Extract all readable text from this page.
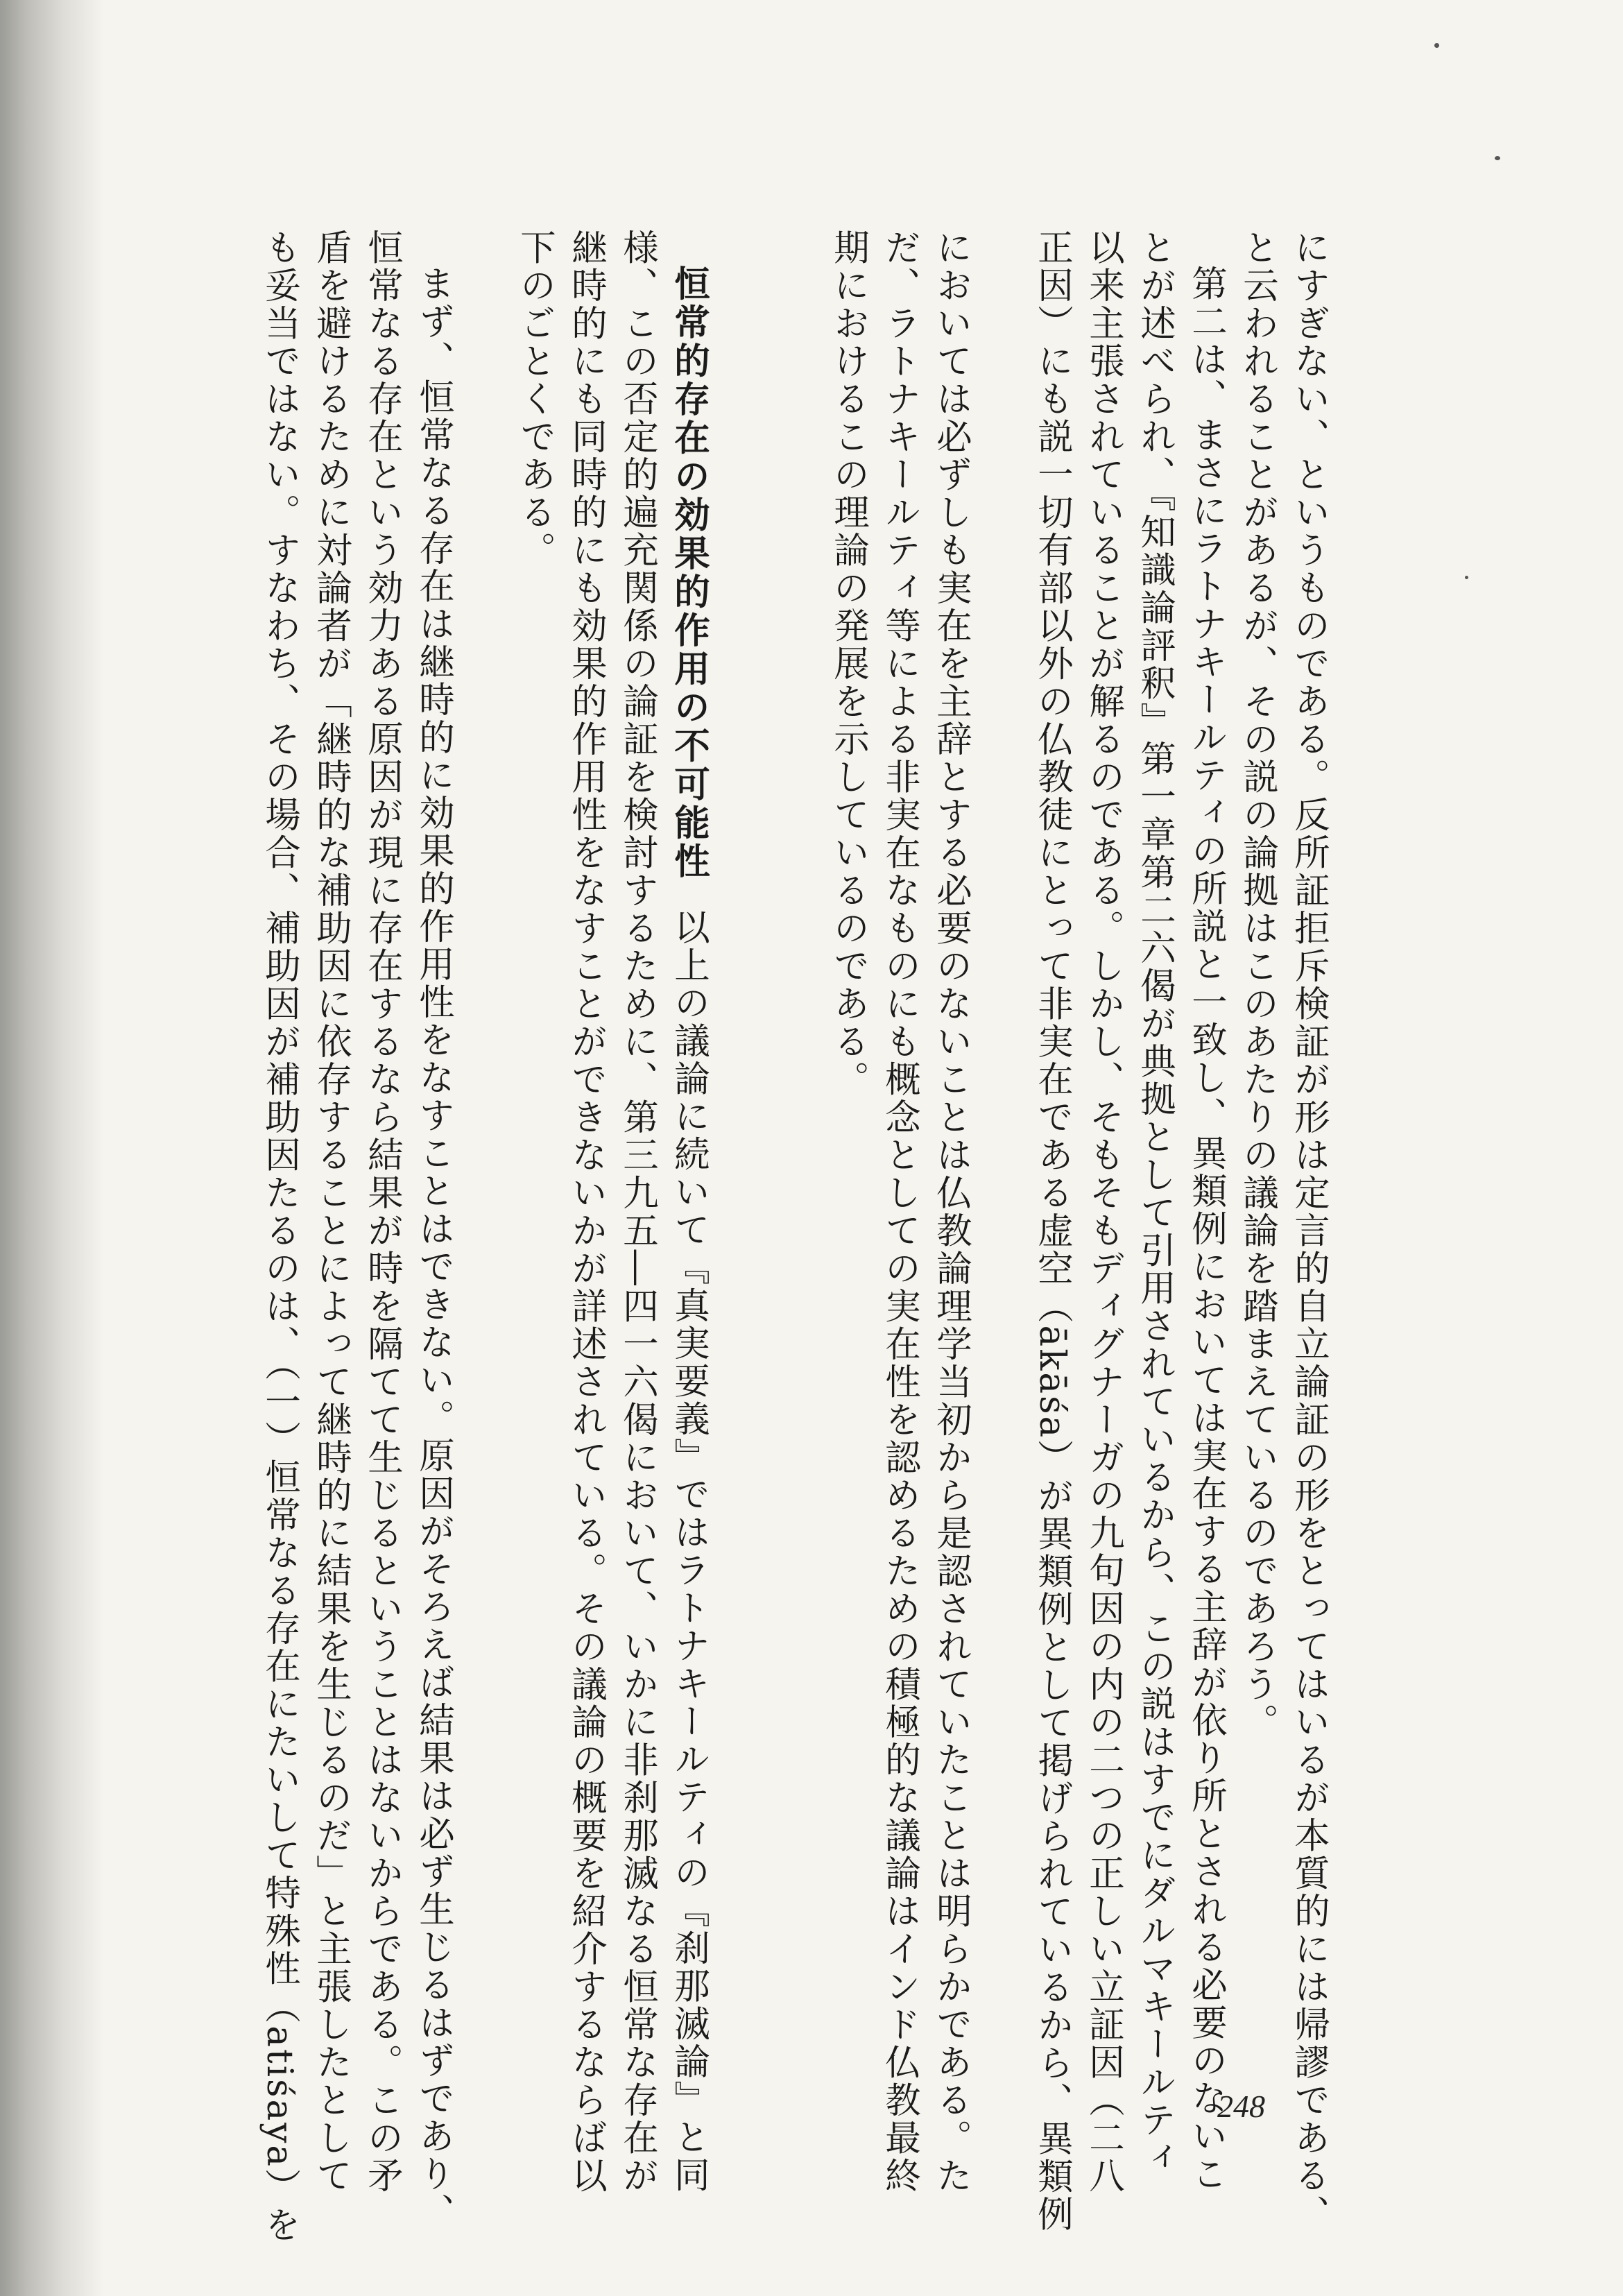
にすぎない、というものである。反所証拒斥検証が形は定言的自立論証の形をとってはいるが本質的には帰謬である、
と云われることがあるが、その説の論拠はこのあたりの議論を踏まえているのであろう。
第二は、まさにラトナキールティの所説と一致し、異類例においては実在する主辞が依り所とされる必要のないこ
とが述べられ、『知識論評釈』第一章第二六偈が典拠として引用されているから、この説はすでにダルマキールティ
以来主張されていることが解るのである。しかし、そもそもディグナーガの九句因の内の二つの正しい立証因（二八
正因）にも説一切有部以外の仏教徒にとって非実在である虚空（ākāśa）が異類例として掲げられているから、異類例
においては必ずしも実在を主辞とする必要のないことは仏教論理学当初から是認されていたことは明らかである。た
だ、ラトナキールティ等による非実在なものにも概念としての実在性を認めるための積極的な議論はインド仏教最終
期におけるこの理論の発展を示しているのである。
恒常的存在の効果的作用の不可能性以上の議論に続いて『真実要義』ではラトナキールティの『刹那滅論』と同
様、この否定的遍充関係の論証を検討するために、第三九五―四一六偈において、いかに非刹那滅なる恒常な存在が
継時的にも同時的にも効果的作用性をなすことができないかが詳述されている。その議論の概要を紹介するならば以
下のごとくである。
まず、恒常なる存在は継時的に効果的作用性をなすことはできない。原因がそろえば結果は必ず生じるはずであり、
恒常なる存在という効力ある原因が現に存在するなら結果が時を隔てて生じるということはないからである。この矛
盾を避けるために対論者が「継時的な補助因に依存することによって継時的に結果を生じるのだ」と主張したとして
も妥当ではない。すなわち、その場合、補助因が補助因たるのは、（一）恒常なる存在にたいして特殊性（atiśaya）を	248
